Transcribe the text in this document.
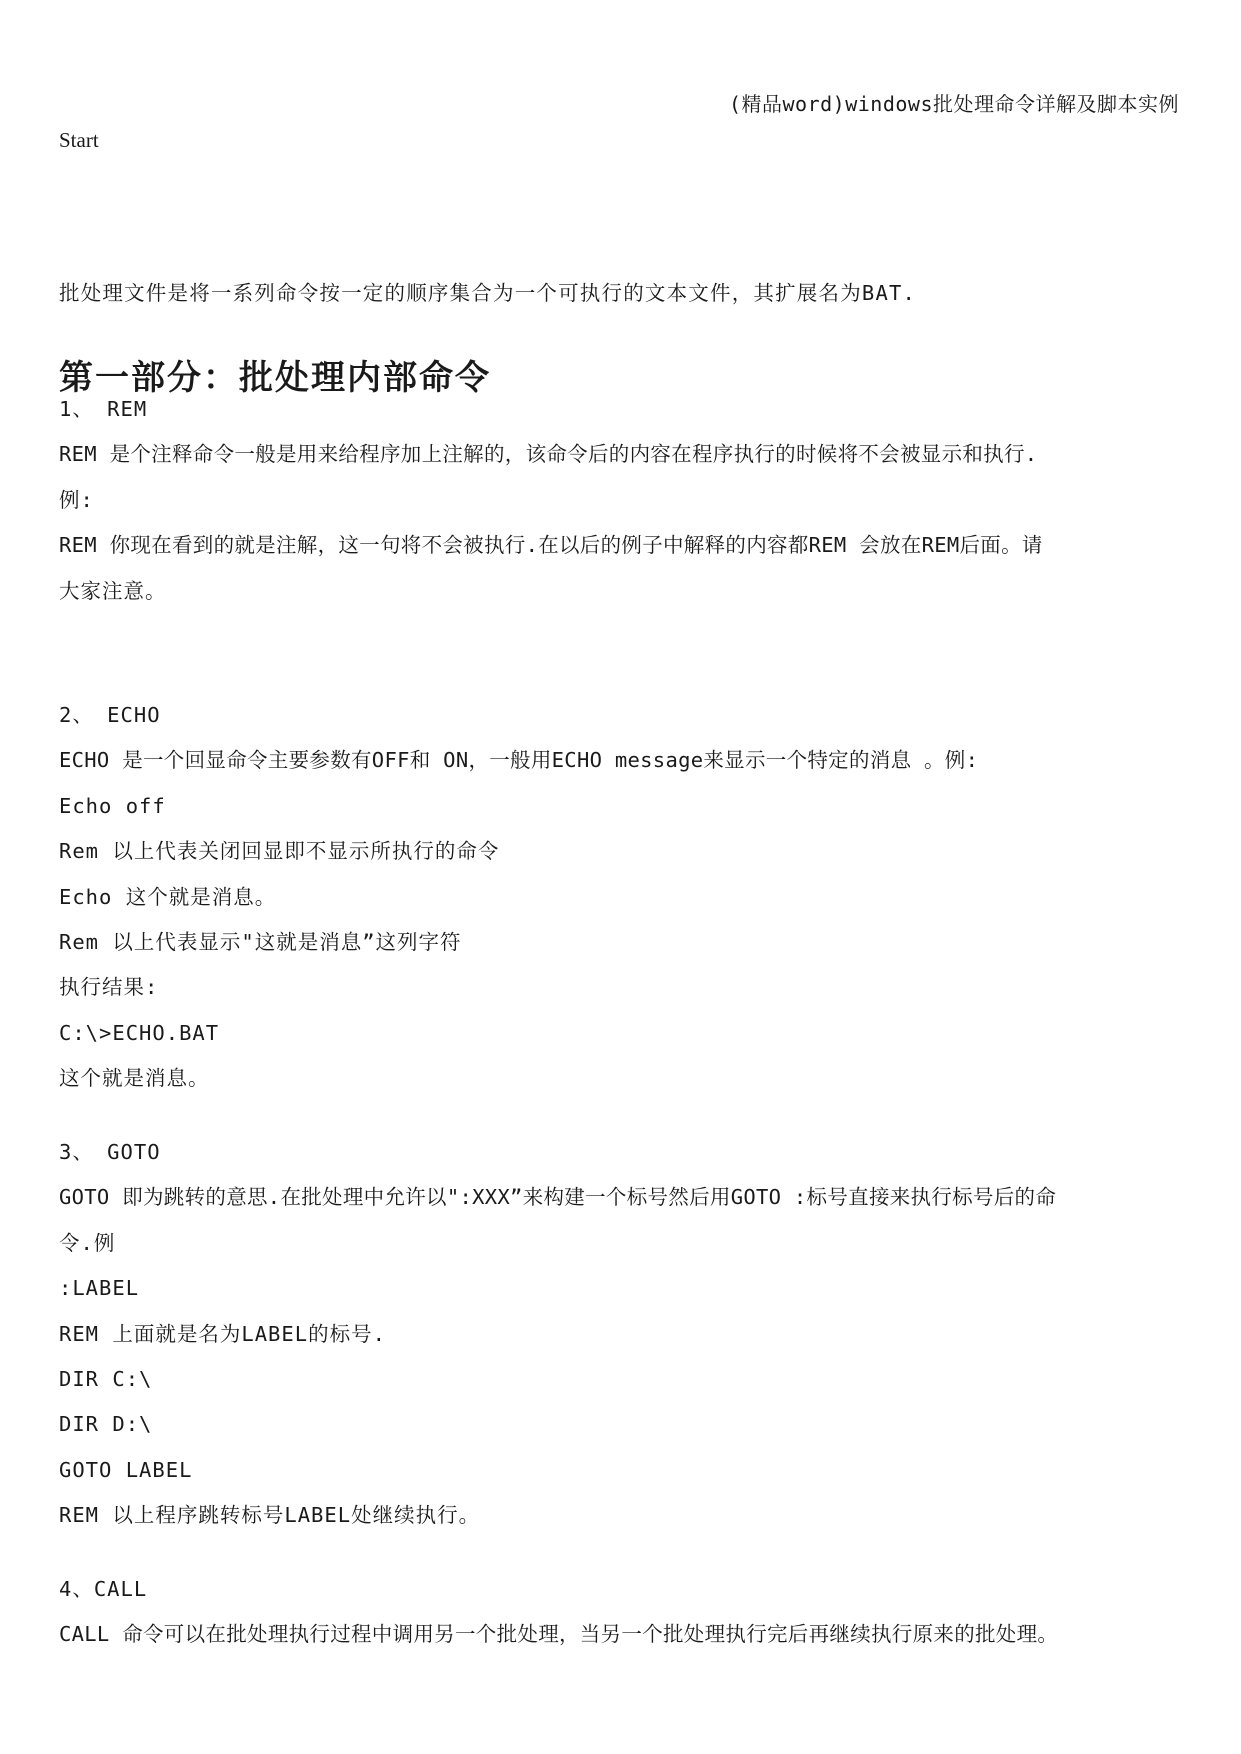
(精品word)windows批处理命令详解及脚本实例
Start
批处理文件是将一系列命令按一定的顺序集合为一个可执行的文本文件，其扩展名为BAT.
第一部分：批处理内部命令
1、 REM
REM 是个注释命令一般是用来给程序加上注解的，该命令后的内容在程序执行的时候将不会被显示和执行.
例:
REM 你现在看到的就是注解，这一句将不会被执行.在以后的例子中解释的内容都REM 会放在REM后面。请
大家注意。
2、 ECHO
ECHO 是一个回显命令主要参数有OFF和 ON，一般用ECHO message来显示一个特定的消息 。例:
Echo off
Rem 以上代表关闭回显即不显示所执行的命令
Echo 这个就是消息。
Rem 以上代表显示"这就是消息”这列字符
执行结果:
C:\>ECHO.BAT
这个就是消息。
3、 GOTO
GOTO 即为跳转的意思.在批处理中允许以":XXX”来构建一个标号然后用GOTO :标号直接来执行标号后的命
令.例
:LABEL
REM 上面就是名为LABEL的标号.
DIR C:\
DIR D:\
GOTO LABEL
REM 以上程序跳转标号LABEL处继续执行。
4、CALL
CALL 命令可以在批处理执行过程中调用另一个批处理，当另一个批处理执行完后再继续执行原来的批处理。
